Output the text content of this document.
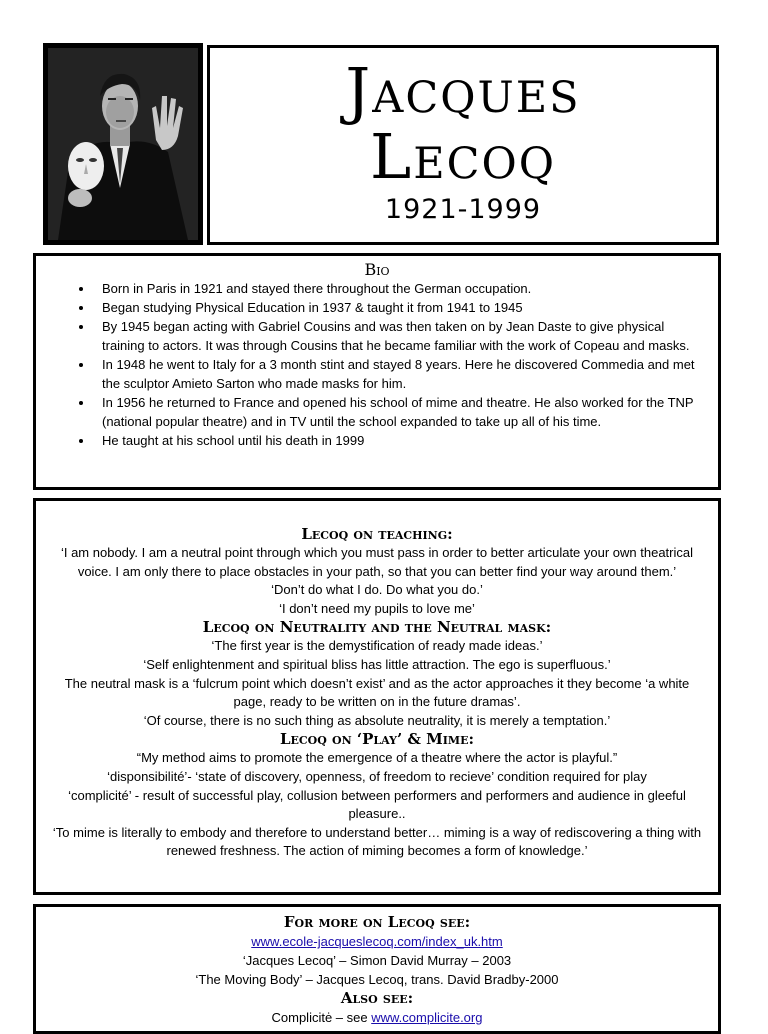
Jacques
Lecoq
1921-1999
Bio
• Born in Paris in 1921 and stayed there throughout the German occupation.
• Began studying Physical Education in 1937 & taught it from 1941 to 1945
• By 1945 began acting with Gabriel Cousins and was then taken on by Jean Daste to give physical training to actors. It was through Cousins that he became familiar with the work of Copeau and masks.
• In 1948 he went to Italy for a 3 month stint and stayed 8 years. Here he discovered Commedia and met the sculptor Amieto Sarton who made masks for him.
• In 1956 he returned to France and opened his school of mime and theatre. He also worked for the TNP (national popular theatre) and in TV until the school expanded to take up all of his time.
• He taught at his school until his death in 1999
Lecoq on teaching:
‘I am nobody. I am a neutral point through which you must pass in order to better articulate your own theatrical voice. I am only there to place obstacles in your path, so that you can better find your way around them.’
‘Don’t do what I do. Do what you do.’
‘I don’t need my pupils to love me’
Lecoq on Neutrality and the Neutral mask:
‘The first year is the demystification of ready made ideas.’
‘Self enlightenment and spiritual bliss has little attraction. The ego is superfluous.’
The neutral mask is a ‘fulcrum point which doesn’t exist’ and as the actor approaches it they become ‘a white page, ready to be written on in the future dramas’.
‘Of course, there is no such thing as absolute neutrality, it is merely a temptation.’
Lecoq on ‘Play’ & Mime:
“My method aims to promote the emergence of a theatre where the actor is playful.”
‘disponsibilité’- ‘state of discovery, openness, of freedom to recieve’ condition required for play
‘complicité’ - result of successful play, collusion between performers and performers and audience in gleeful pleasure..
‘To mime is literally to embody and therefore to understand better… miming is a way of rediscovering a thing with renewed freshness. The action of miming becomes a form of knowledge.’
For more on Lecoq see:
www.ecole-jacqueslecoq.com/index_uk.htm
‘Jacques Lecoq’ – Simon David Murray – 2003
‘The Moving Body’ – Jacques Lecoq, trans. David Bradby-2000
Also see:
Complicitė – see www.complicite.org
